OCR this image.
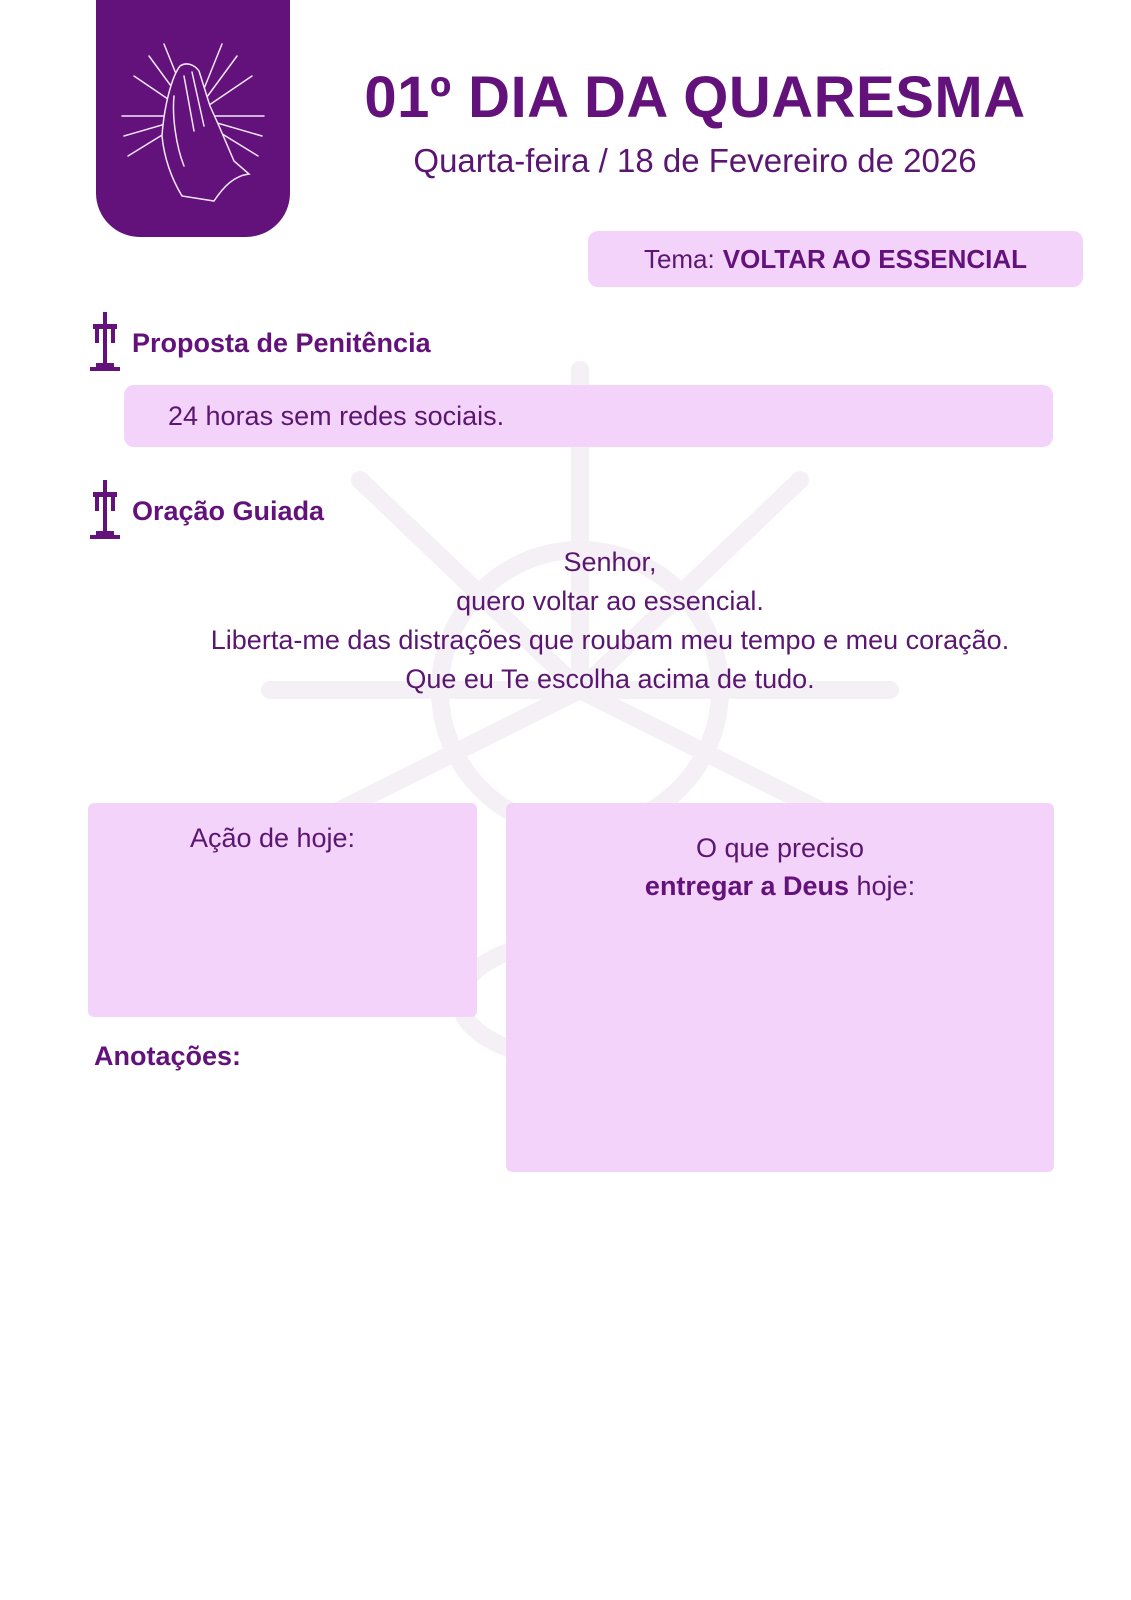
01º DIA DA QUARESMA
Quarta-feira / 18 de Fevereiro de 2026
Tema: VOLTAR AO ESSENCIAL
Proposta de Penitência
24 horas sem redes sociais.
Oração Guiada
Senhor,
quero voltar ao essencial.
Liberta-me das distrações que roubam meu tempo e meu coração.
Que eu Te escolha acima de tudo.
Ação de hoje:	O que preciso
entregar a Deus hoje:
Anotações:
